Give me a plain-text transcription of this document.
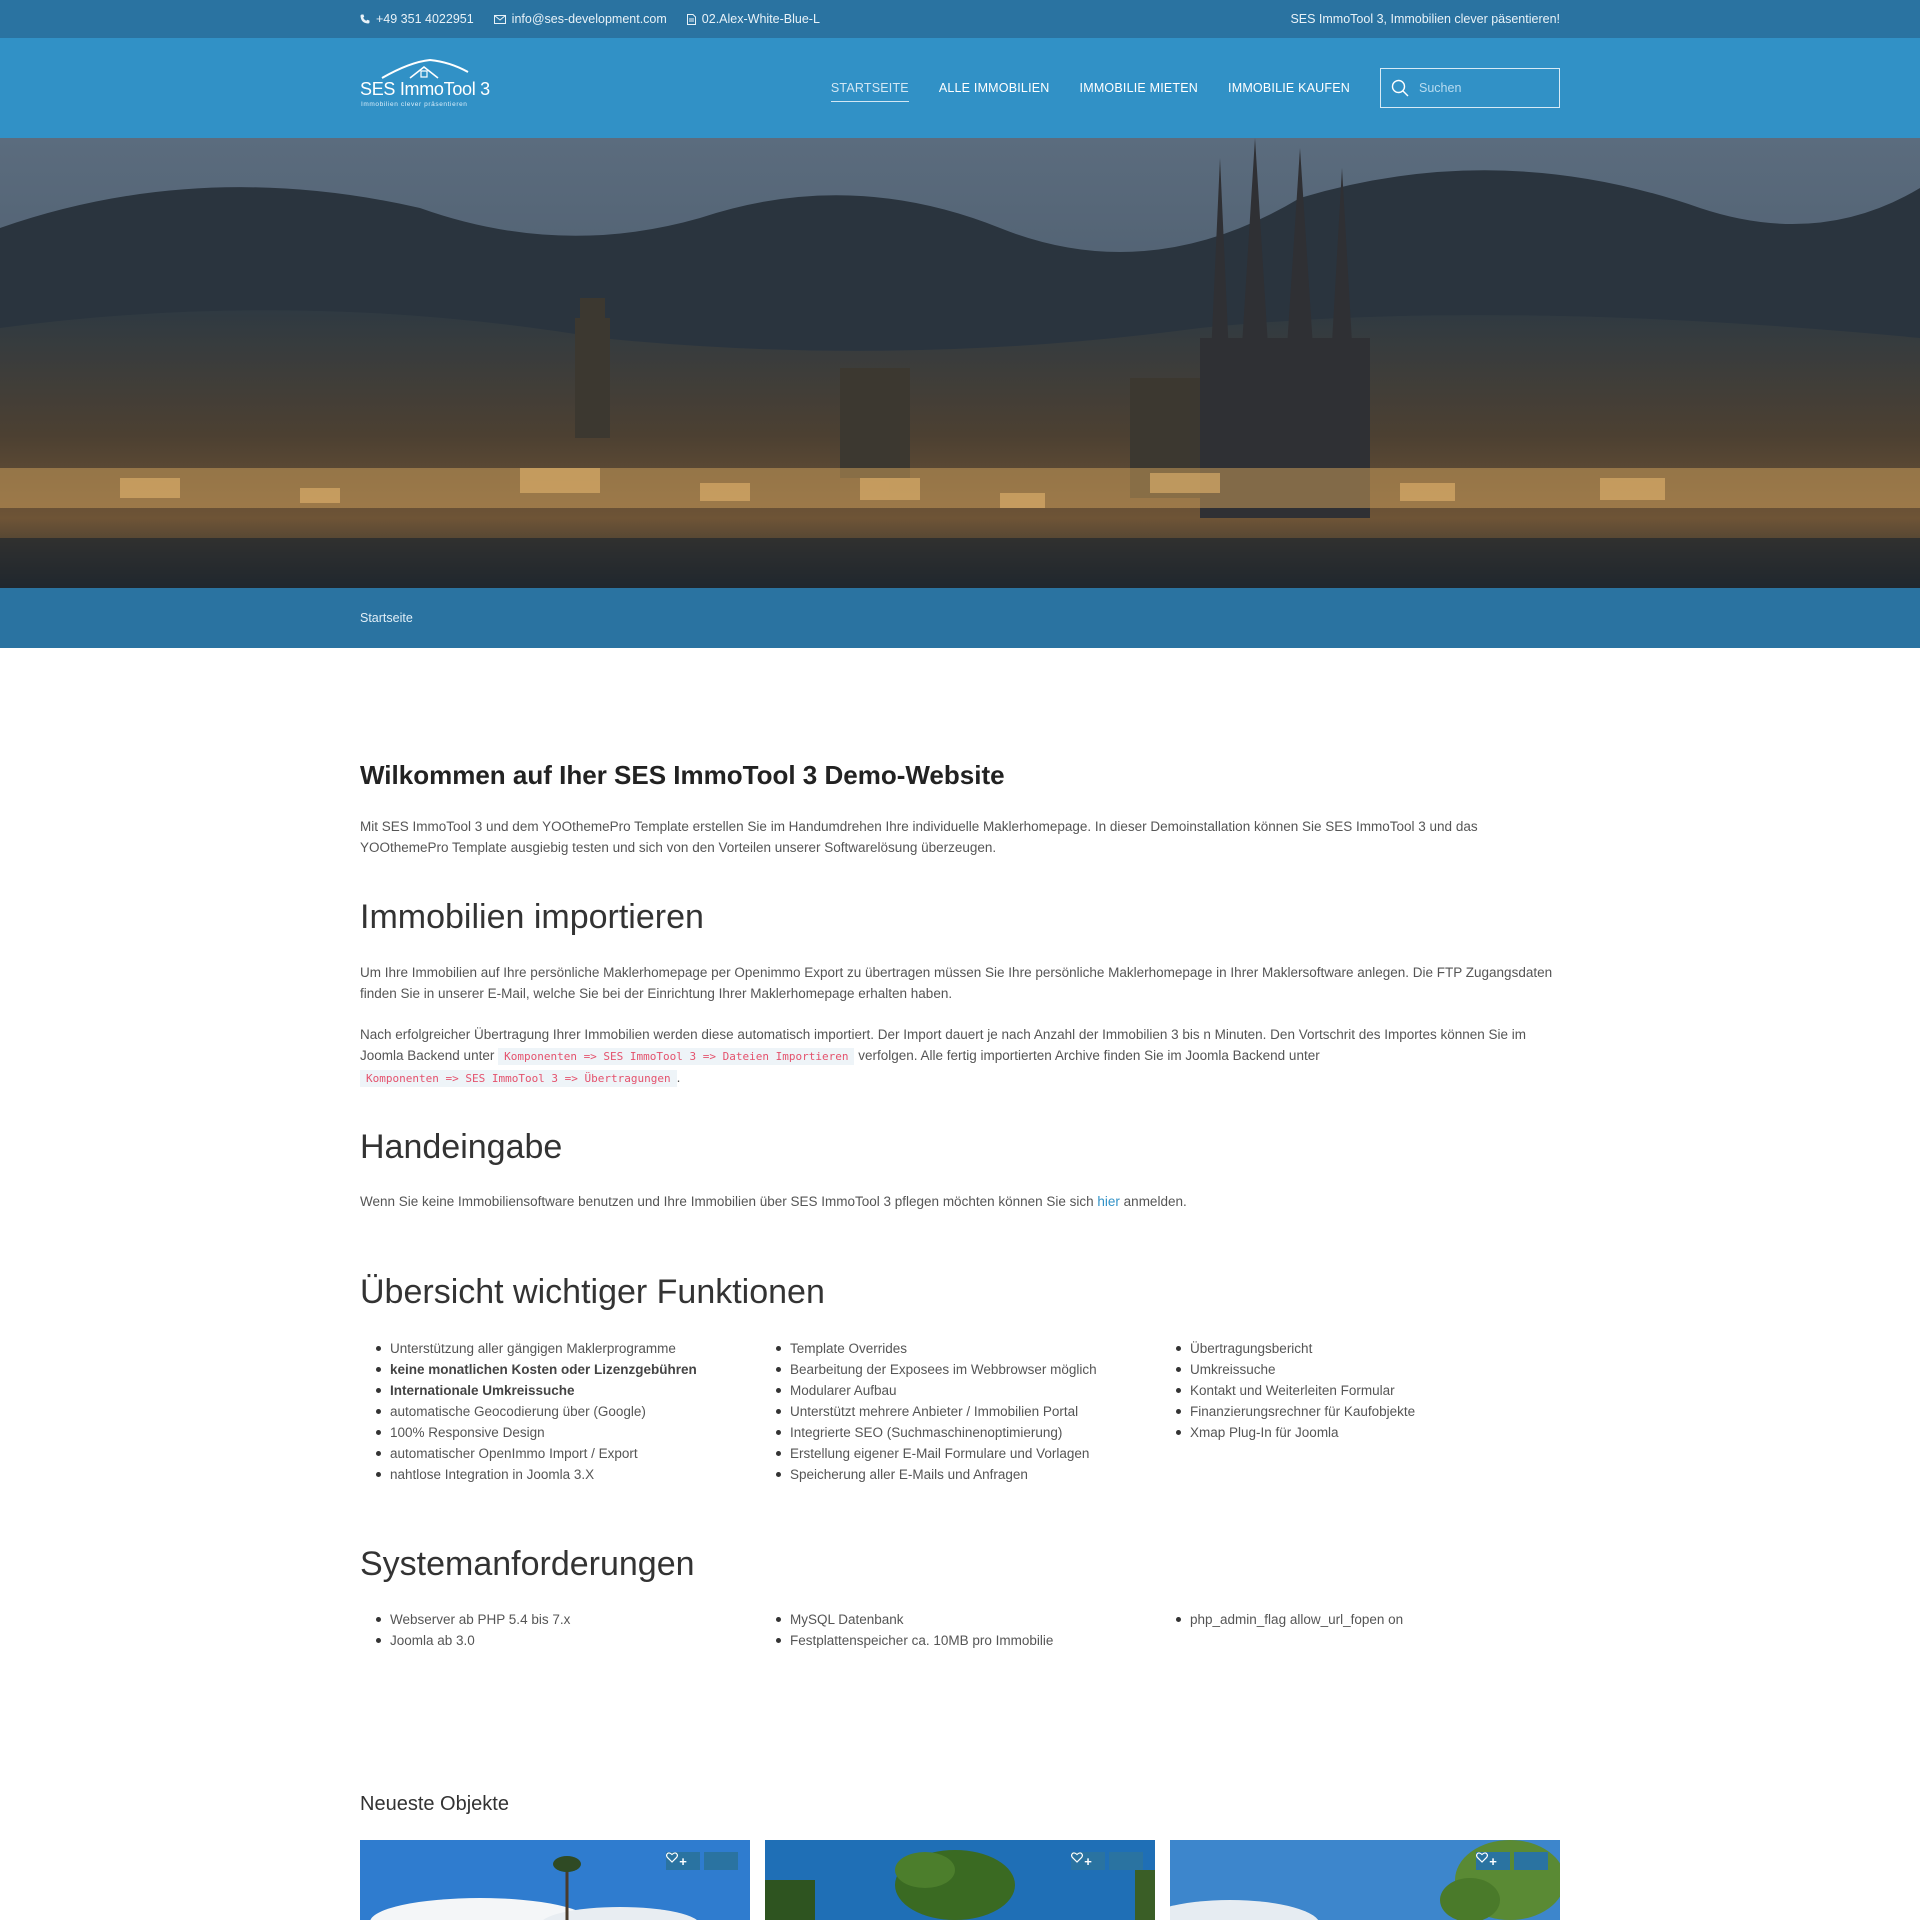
+49 351 4022951	info@ses-development.com	02.Alex-White-Blue-L	SES ImmoTool 3, Immobilien clever päsentieren!
SES ImmoTool 3
Immobilien clever präsentieren
STARTSEITE ALLE IMMOBILIEN IMMOBILIE MIETEN IMMOBILIE KAUFEN
Suchen
Startseite
Wilkommen auf Iher SES ImmoTool 3 Demo-Website

Mit SES ImmoTool 3 und dem YOOthemePro Template erstellen Sie im Handumdrehen Ihre individuelle Maklerhomepage. In dieser Demoinstallation können Sie SES ImmoTool 3 und das YOOthemePro Template ausgiebig testen und sich von den Vorteilen unserer Softwarelösung überzeugen.

Immobilien importieren

Um Ihre Immobilien auf Ihre persönliche Maklerhomepage per Openimmo Export zu übertragen müssen Sie Ihre persönliche Maklerhomepage in Ihrer Maklersoftware anlegen. Die FTP Zugangsdaten finden Sie in unserer E-Mail, welche Sie bei der Einrichtung Ihrer Maklerhomepage erhalten haben.

Nach erfolgreicher Übertragung Ihrer Immobilien werden diese automatisch importiert. Der Import dauert je nach Anzahl der Immobilien 3 bis n Minuten. Den Vortschrit des Importes können Sie im Joomla Backend unter Komponenten => SES ImmoTool 3 => Dateien Importieren verfolgen. Alle fertig importierten Archive finden Sie im Joomla Backend unter
Komponenten => SES ImmoTool 3 => Übertragungen .

Handeingabe

Wenn Sie keine Immobiliensoftware benutzen und Ihre Immobilien über SES ImmoTool 3 pflegen möchten können Sie sich hier anmelden.

Übersicht wichtiger Funktionen
Unterstützung aller gängigen Maklerprogramme
keine monatlichen Kosten oder Lizenzgebühren
Internationale Umkreissuche
automatische Geocodierung über (Google)
100% Responsive Design
automatischer OpenImmo Import / Export
nahtlose Integration in Joomla 3.X
Template Overrides
Bearbeitung der Exposees im Webbrowser möglich
Modularer Aufbau
Unterstützt mehrere Anbieter / Immobilien Portal
Integrierte SEO (Suchmaschinenoptimierung)
Erstellung eigener E-Mail Formulare und Vorlagen
Speicherung aller E-Mails und Anfragen
Übertragungsbericht
Umkreissuche
Kontakt und Weiterleiten Formular
Finanzierungsrechner für Kaufobjekte
Xmap Plug-In für Joomla
Systemanforderungen
Webserver ab PHP 5.4 bis 7.x
Joomla ab 3.0
MySQL Datenbank
Festplattenspeicher ca. 10MB pro Immobilie
php_admin_flag allow_url_fopen on
Neueste Objekte
+	+	+
